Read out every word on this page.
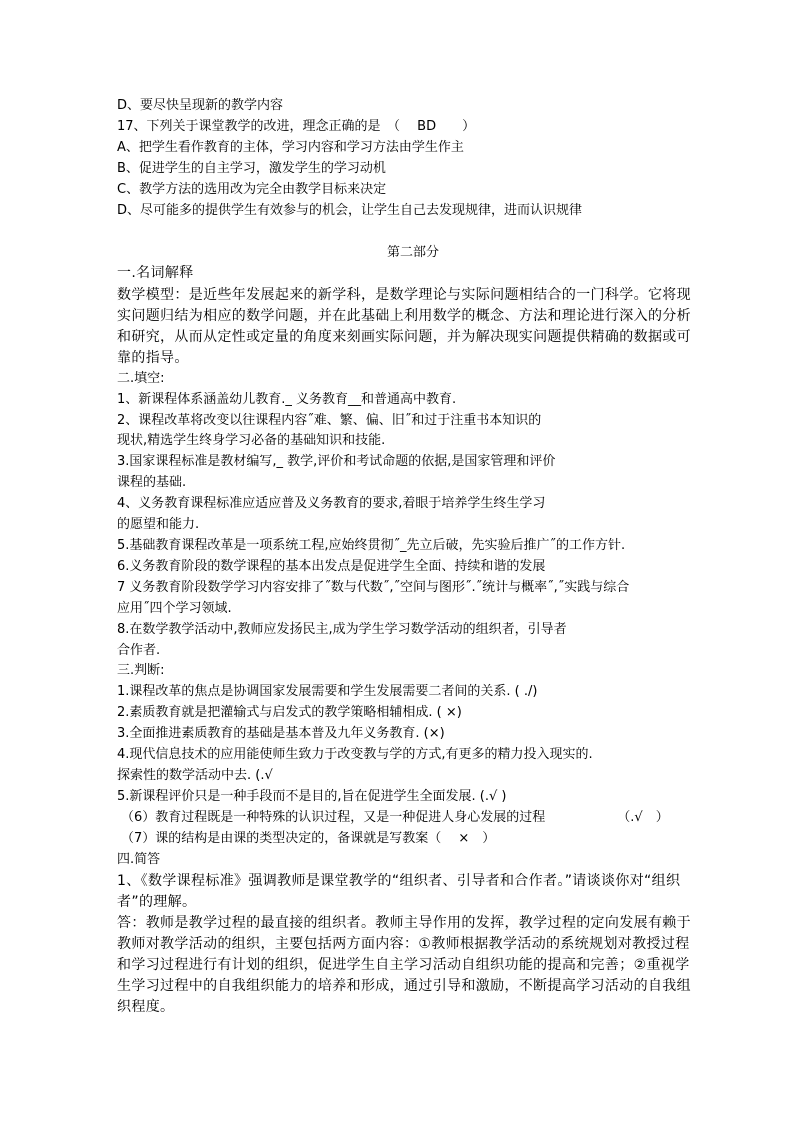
D、要尽快呈现新的教学内容
17、下列关于课堂教学的改进，理念正确的是　（　 BD　　）
A、把学生看作教育的主体，学习内容和学习方法由学生作主
B、促进学生的自主学习，激发学生的学习动机
C、教学方法的选用改为完全由教学目标来决定
D、尽可能多的提供学生有效参与的机会，让学生自己去发现规律，进而认识规律
第二部分
一.名词解释
数学模型：是近些年发展起来的新学科，是数学理论与实际问题相结合的一门科学。它将现
实问题归结为相应的数学问题，并在此基础上利用数学的概念、方法和理论进行深入的分析
和研究，从而从定性或定量的角度来刻画实际问题，并为解决现实问题提供精确的数据或可
靠的指导。
二.填空:
1、新课程体系涵盖幼儿教育._ 义务教育__和普通高中教育.
2、课程改革将改变以往课程内容˝难、繁、偏、旧˝和过于注重书本知识的
现状,精选学生终身学习必备的基础知识和技能.
3.国家课程标准是教材编写,_ 教学,评价和考试命题的依据,是国家管理和评价
课程的基础.
4、义务教育课程标准应适应普及义务教育的要求,着眼于培养学生终生学习
的愿望和能力.
5.基础教育课程改革是一项系统工程,应始终贯彻˝_先立后破，先实验后推广˝的工作方针.
6.义务教育阶段的数学课程的基本出发点是促进学生全面、持续和谐的发展
7 义务教育阶段数学学习内容安排了˝数与代数˝,˝空间与图形˝.˝统计与概率˝,˝实践与综合
应用˝四个学习领域.
8.在数学教学活动中,教师应发扬民主,成为学生学习数学活动的组织者，引导者
合作者.
三.判断:
1.课程改革的焦点是协调国家发展需要和学生发展需要二者间的关系. ( ./)
2.素质教育就是把灌输式与启发式的教学策略相辅相成. ( ×)
3.全面推进素质教育的基础是基本普及九年义务教育. (×)
4.现代信息技术的应用能使师生致力于改变教与学的方式,有更多的精力投入现实的.
探索性的数学活动中去. (.√
5.新课程评价只是一种手段而不是目的,旨在促进学生全面发展. (.√ )
（6）教育过程既是一种特殊的认识过程，又是一种促进人身心发展的过程	（.√　）
（7）课的结构是由课的类型决定的，备课就是写教案（　 ×　）
四.简答
1、《数学课程标准》强调教师是课堂教学的“组织者、引导者和合作者。”请谈谈你对“组织
者”的理解。
答：教师是教学过程的最直接的组织者。教师主导作用的发挥，教学过程的定向发展有赖于
教师对教学活动的组织，主要包括两方面内容：①教师根据教学活动的系统规划对教授过程
和学习过程进行有计划的组织，促进学生自主学习活动自组织功能的提高和完善；②重视学
生学习过程中的自我组织能力的培养和形成，通过引导和激励，不断提高学习活动的自我组
织程度。
